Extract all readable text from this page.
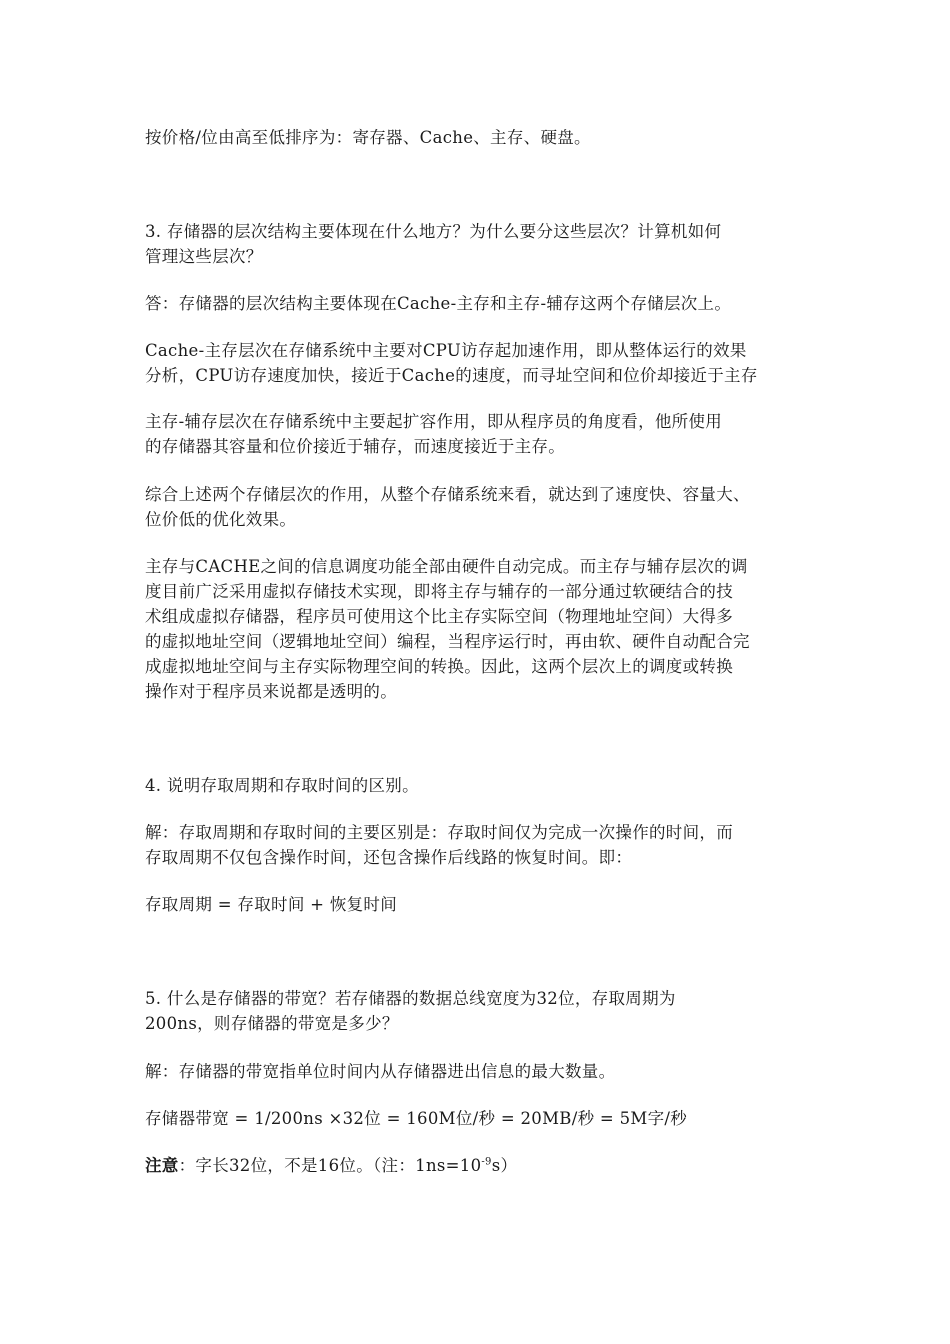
按价格/位由高至低排序为：寄存器、Cache、主存、硬盘。

3. 存储器的层次结构主要体现在什么地方？为什么要分这些层次？计算机如何

管理这些层次？

答：存储器的层次结构主要体现在Cache-主存和主存-辅存这两个存储层次上。

Cache-主存层次在存储系统中主要对CPU访存起加速作用，即从整体运行的效果

分析，CPU访存速度加快，接近于Cache的速度，而寻址空间和位价却接近于主存

主存-辅存层次在存储系统中主要起扩容作用，即从程序员的角度看，他所使用

的存储器其容量和位价接近于辅存，而速度接近于主存。

综合上述两个存储层次的作用，从整个存储系统来看，就达到了速度快、容量大、

位价低的优化效果。

主存与CACHE之间的信息调度功能全部由硬件自动完成。而主存与辅存层次的调

度目前广泛采用虚拟存储技术实现，即将主存与辅存的一部分通过软硬结合的技

术组成虚拟存储器，程序员可使用这个比主存实际空间（物理地址空间）大得多

的虚拟地址空间（逻辑地址空间）编程，当程序运行时，再由软、硬件自动配合完

成虚拟地址空间与主存实际物理空间的转换。因此，这两个层次上的调度或转换

操作对于程序员来说都是透明的。

4. 说明存取周期和存取时间的区别。

解：存取周期和存取时间的主要区别是：存取时间仅为完成一次操作的时间，而

存取周期不仅包含操作时间，还包含操作后线路的恢复时间。即：

存取周期 = 存取时间 + 恢复时间

5. 什么是存储器的带宽？若存储器的数据总线宽度为32位，存取周期为

200ns，则存储器的带宽是多少？

解：存储器的带宽指单位时间内从存储器进出信息的最大数量。

存储器带宽 = 1/200ns ×32位 = 160M位/秒 = 20MB/秒 = 5M字/秒

注意：字长32位，不是16位。（注：$1ns=10^{-9}s$）
